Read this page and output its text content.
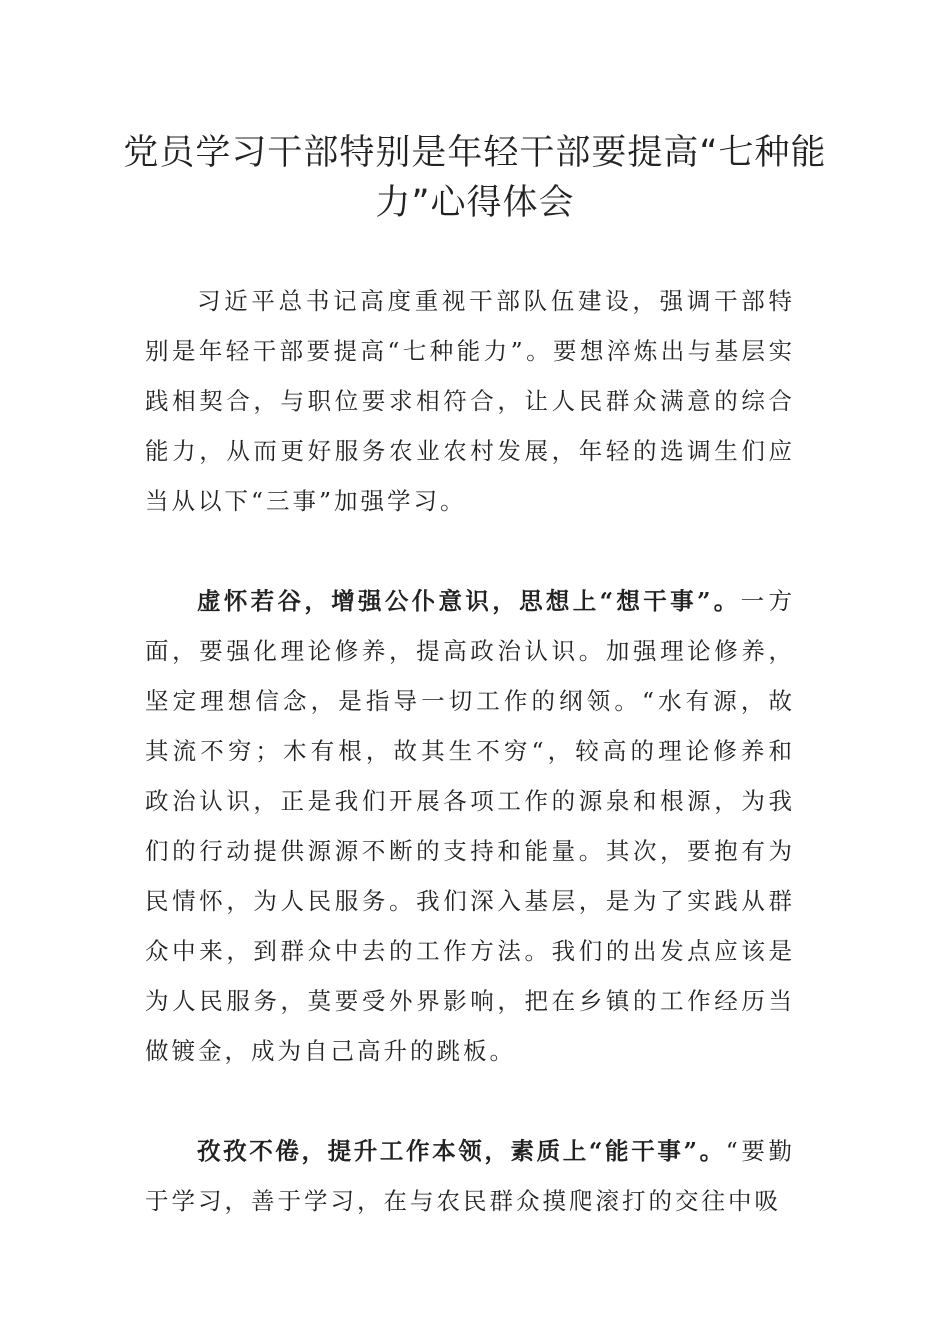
党员学习干部特别是年轻干部要提高“七种能力”心得体会

习近平总书记高度重视干部队伍建设，强调干部特别是年轻干部要提高“七种能力”。要想淬炼出与基层实践相契合，与职位要求相符合，让人民群众满意的综合能力，从而更好服务农业农村发展，年轻的选调生们应当从以下“三事”加强学习。

虚怀若谷，增强公仆意识，思想上“想干事”。一方面，要强化理论修养，提高政治认识。加强理论修养，坚定理想信念，是指导一切工作的纲领。“水有源，故其流不穷；木有根，故其生不穷“，较高的理论修养和政治认识，正是我们开展各项工作的源泉和根源，为我们的行动提供源源不断的支持和能量。其次，要抱有为民情怀，为人民服务。我们深入基层，是为了实践从群众中来，到群众中去的工作方法。我们的出发点应该是为人民服务，莫要受外界影响，把在乡镇的工作经历当做镀金，成为自己高升的跳板。

孜孜不倦，提升工作本领，素质上“能干事”。“要勤于学习，善于学习，在与农民群众摸爬滚打的交往中吸
